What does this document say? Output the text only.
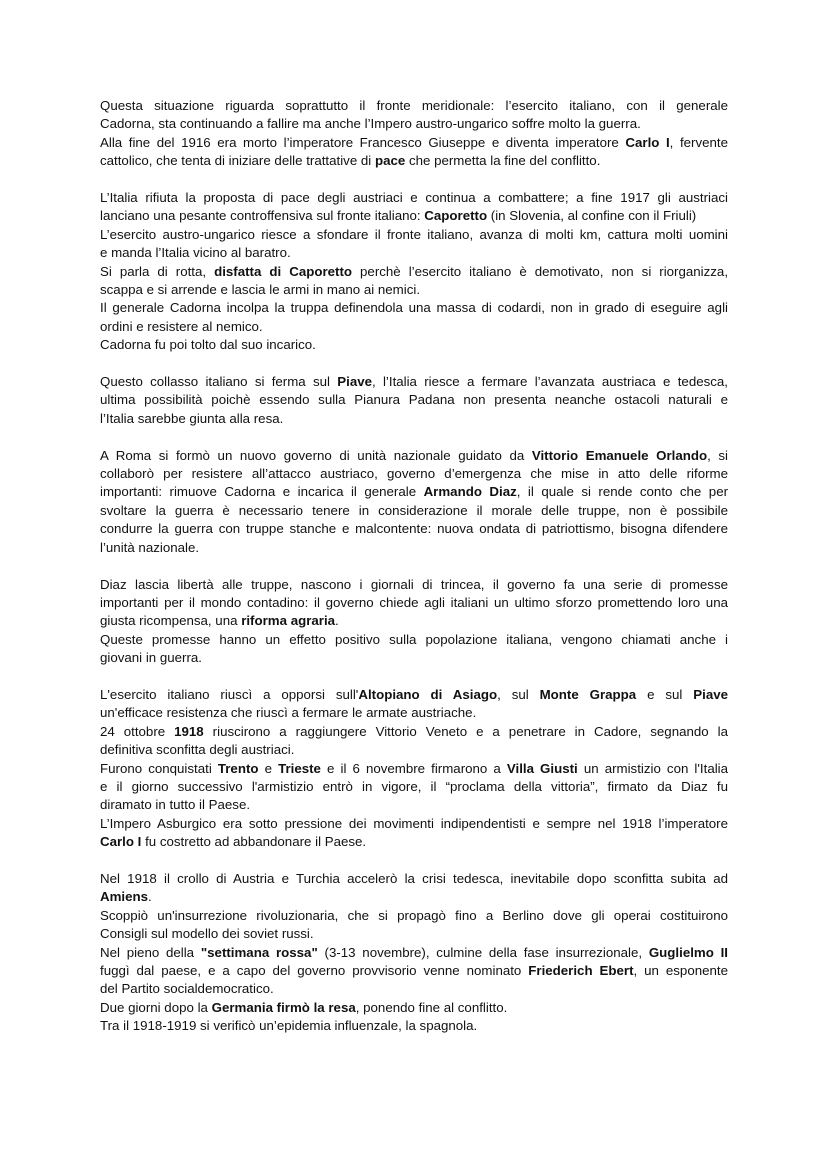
Questa situazione riguarda soprattutto il fronte meridionale: l’esercito italiano, con il generale
Cadorna, sta continuando a fallire ma anche l’Impero austro-ungarico soffre molto la guerra.
Alla fine del 1916 era morto l’imperatore Francesco Giuseppe e diventa imperatore Carlo I, fervente
cattolico, che tenta di iniziare delle trattative di pace che permetta la fine del conflitto.
L’Italia rifiuta la proposta di pace degli austriaci e continua a combattere; a fine 1917 gli austriaci
lanciano una pesante controffensiva sul fronte italiano: Caporetto (in Slovenia, al confine con il Friuli)
L’esercito austro-ungarico riesce a sfondare il fronte italiano, avanza di molti km, cattura molti uomini
e manda l’Italia vicino al baratro.
Si parla di rotta, disfatta di Caporetto perchè l’esercito italiano è demotivato, non si riorganizza,
scappa e si arrende e lascia le armi in mano ai nemici.
Il generale Cadorna incolpa la truppa definendola una massa di codardi, non in grado di eseguire agli
ordini e resistere al nemico.
Cadorna fu poi tolto dal suo incarico.
Questo collasso italiano si ferma sul Piave, l’Italia riesce a fermare l’avanzata austriaca e tedesca,
ultima possibilità poichè essendo sulla Pianura Padana non presenta neanche ostacoli naturali e
l’Italia sarebbe giunta alla resa.
A Roma si formò un nuovo governo di unità nazionale guidato da Vittorio Emanuele Orlando, si
collaborò per resistere all’attacco austriaco, governo d’emergenza che mise in atto delle riforme
importanti: rimuove Cadorna e incarica il generale Armando Diaz, il quale si rende conto che per
svoltare la guerra è necessario tenere in considerazione il morale delle truppe, non è possibile
condurre la guerra con truppe stanche e malcontente: nuova ondata di patriottismo, bisogna difendere
l’unità nazionale.
Diaz lascia libertà alle truppe, nascono i giornali di trincea, il governo fa una serie di promesse
importanti per il mondo contadino: il governo chiede agli italiani un ultimo sforzo promettendo loro una
giusta ricompensa, una riforma agraria.
Queste promesse hanno un effetto positivo sulla popolazione italiana, vengono chiamati anche i
giovani in guerra.
L'esercito italiano riuscì a opporsi sull'Altopiano di Asiago, sul Monte Grappa e sul Piave
un'efficace resistenza che riuscì a fermare le armate austriache.
24 ottobre 1918 riuscirono a raggiungere Vittorio Veneto e a penetrare in Cadore, segnando la
definitiva sconfitta degli austriaci.
Furono conquistati Trento e Trieste e il 6 novembre firmarono a Villa Giusti un armistizio con l'Italia
e il giorno successivo l'armistizio entrò in vigore, il “proclama della vittoria”, firmato da Diaz fu
diramato in tutto il Paese.
L’Impero Asburgico era sotto pressione dei movimenti indipendentisti e sempre nel 1918 l’imperatore
Carlo I fu costretto ad abbandonare il Paese.
Nel 1918 il crollo di Austria e Turchia accelerò la crisi tedesca, inevitabile dopo sconfitta subita ad
Amiens.
Scoppiò un'insurrezione rivoluzionaria, che si propagò fino a Berlino dove gli operai costituirono
Consigli sul modello dei soviet russi.
Nel pieno della "settimana rossa" (3-13 novembre), culmine della fase insurrezionale, Guglielmo II
fuggì dal paese, e a capo del governo provvisorio venne nominato Friederich Ebert, un esponente
del Partito socialdemocratico.
Due giorni dopo la Germania firmò la resa, ponendo fine al conflitto.
Tra il 1918-1919 si verificò un’epidemia influenzale, la spagnola.
